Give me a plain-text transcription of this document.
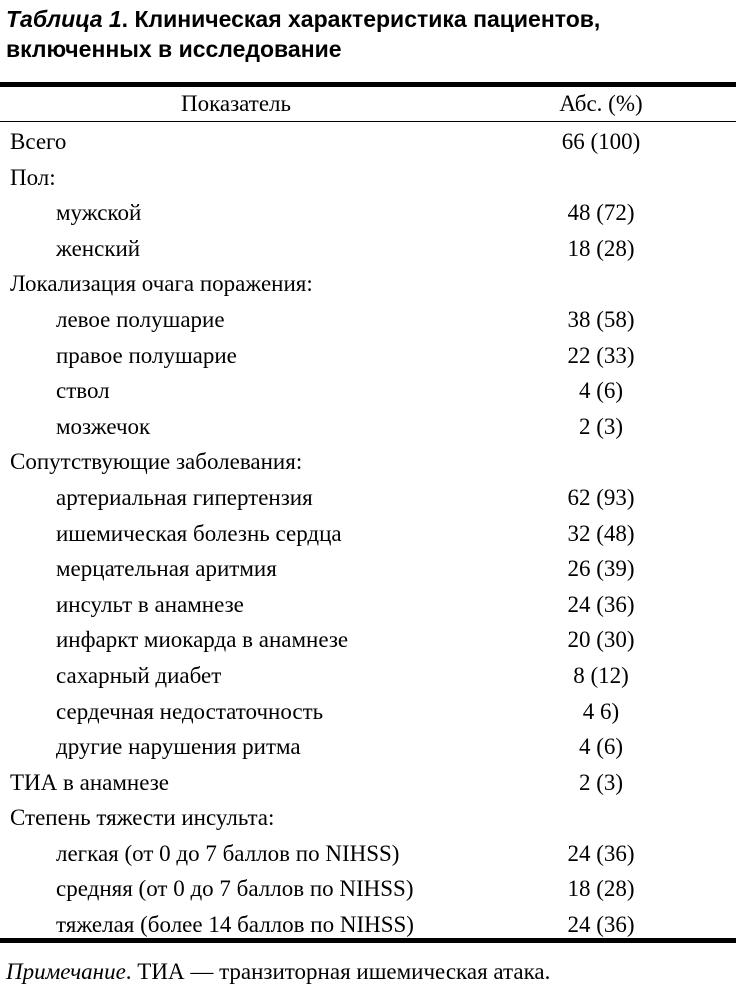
Таблица 1. Клиническая характеристика пациентов, включенных в исследование
Показатель	Абс. (%)
Всего	66 (100)
Пол:
мужской	48 (72)
женский	18 (28)
Локализация очага поражения:
левое полушарие	38 (58)
правое полушарие	22 (33)
ствол	4 (6)
мозжечок	2 (3)
Сопутствующие заболевания:
артериальная гипертензия	62 (93)
ишемическая болезнь сердца	32 (48)
мерцательная аритмия	26 (39)
инсульт в анамнезе	24 (36)
инфаркт миокарда в анамнезе	20 (30)
сахарный диабет	8 (12)
сердечная недостаточность	4 6)
другие нарушения ритма	4 (6)
ТИА в анамнезе	2 (3)
Степень тяжести инсульта:
легкая (от 0 до 7 баллов по NIHSS)	24 (36)
средняя (от 0 до 7 баллов по NIHSS)	18 (28)
тяжелая (более 14 баллов по NIHSS)	24 (36)
Примечание. ТИА — транзиторная ишемическая атака.
